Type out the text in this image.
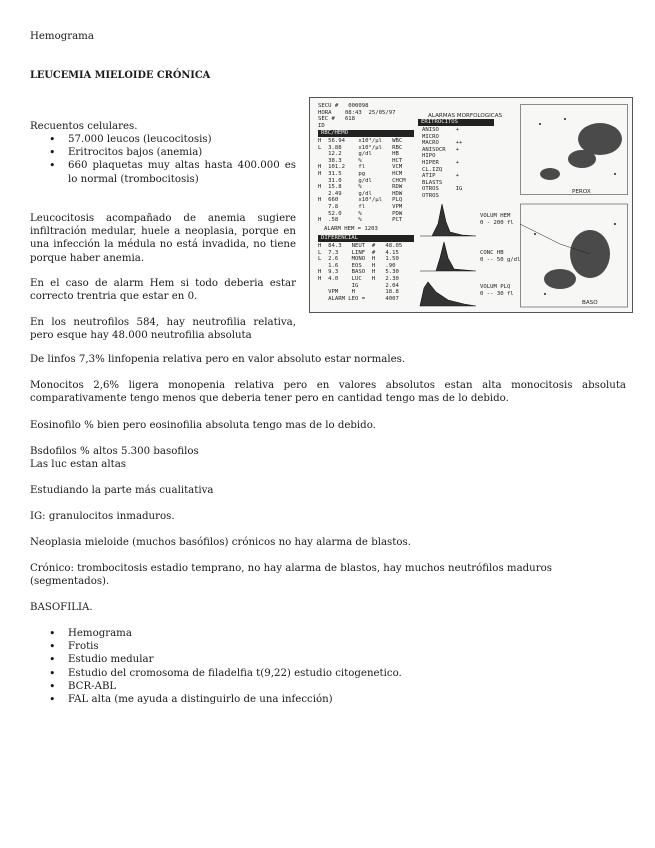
Hemograma

LEUCEMIA MIELOIDE CRÓNICA

Recuentos celulares.

• 57.000 leucos (leucocitosis)
• Eritrocitos bajos (anemia)
• 660 plaquetas muy altas hasta 400.000 es lo normal (trombocitosis)

Leucocitosis acompañado de anemia sugiere infiltración medular, huele a neoplasia, porque en una infección la médula no está invadida, no tiene porque haber anemia.

En el caso de alarm Hem si todo deberia estar correcto trentria que estar en 0.

En los neutrofilos 584, hay neutrofilia relativa, pero esque hay 48.000 neutrofilia absoluta

De linfos 7,3% linfopenia relativa pero en valor absoluto estar normales.

Monocitos 2,6% ligera monopenia relativa pero en valores absolutos estan alta monocitosis absoluta comparativamente tengo menos que deberia tener pero en cantidad tengo mas de lo debido.

Eosinofilo % bien pero eosinofilia absoluta tengo mas de lo debido.

Bsdofilos % altos 5.300 basofilos

Las luc estan altas

Estudiando la parte más cualitativa

IG: granulocitos inmaduros.

Neoplasia mieloide (muchos basófilos) crónicos no hay alarma de blastos.

Crónico: trombocitosis estadio temprano, no hay alarma de blastos, hay muchos neutrófilos maduros (segmentados).

BASOFILIA.

• Hemograma
• Frotis
• Estudio medular
• Estudio del cromosoma de filadelfia t(9,22) estudio citogenetico.
• BCR-ABL
• FAL alta (me ayuda a distinguirlo de una infección)
SECU #   000098
HORA    08:43  25/05/97
SEC #   618
ID
ALARMAS MORFOLOGICAS
RBC/HEMO
H  56.94    x10³/µl   WBC
L  3.88     x10⁶/µl   RBC
12.2     g/dl      HB
38.3     %         HCT
H  101.2    fl        VCM
H  31.5     pg        HCM
31.0     g/dl      CHCM
H  15.8     %         RDW
2.49     g/dl      HDW
H  660      x10³/µl   PLQ
7.8      fl        VPM
52.0     %         PDW
H  .58      %         PCT
ALARM HEM = 1203
DIFERENCIAL
H  84.3   NEUT  #   48.05
L  7.3    LINF  #   4.15
L  2.6    MONO  H   1.50
1.6    EOS   H   .90
H  9.3    BASO  H   5.30
H  4.0    LUC   H   2.30
IG        2.04
VPM    H         18.8
ALARM LEO =      4007
ERITROCITOS
ANISO     +
MICRO
MACRO     ++
ANISOCR   +
HIPO
HIPER     +
CL.IZQ
ATIP      +
BLASTS
OTROS     IG
OTROS
VOLUM HEM
0 - 200 fl
CONC HB
0 -- 50 g/dl
VOLUM PLQ
0 -- 30 fl
PEROX
BASO
